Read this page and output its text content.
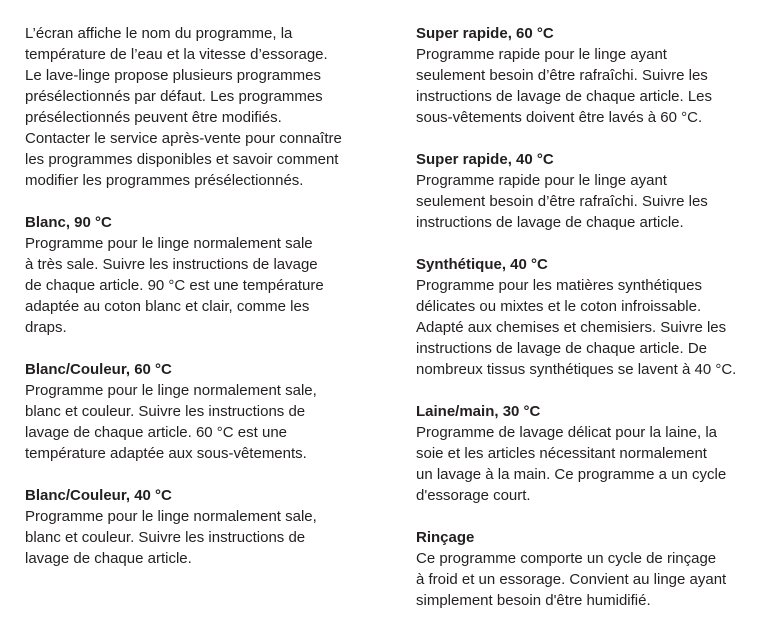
L’écran affiche le nom du programme, la
température de l’eau et la vitesse d’essorage.
Le lave-linge propose plusieurs programmes
présélectionnés par défaut. Les programmes
présélectionnés peuvent être modifiés.
Contacter le service après-vente pour connaître
les programmes disponibles et savoir comment
modifier les programmes présélectionnés.

Blanc, 90 °C
Programme pour le linge normalement sale
à très sale. Suivre les instructions de lavage
de chaque article. 90 °C est une température
adaptée au coton blanc et clair, comme les
draps.
Blanc/Couleur, 60 °C
Programme pour le linge normalement sale,
blanc et couleur. Suivre les instructions de
lavage de chaque article. 60 °C est une
température adaptée aux sous-vêtements.
Blanc/Couleur, 40 °C
Programme pour le linge normalement sale,
blanc et couleur. Suivre les instructions de
lavage de chaque article.
Super rapide, 60 °C
Programme rapide pour le linge ayant
seulement besoin d’être rafraîchi. Suivre les
instructions de lavage de chaque article. Les
sous-vêtements doivent être lavés à 60 °C.
Super rapide, 40 °C
Programme rapide pour le linge ayant
seulement besoin d’être rafraîchi. Suivre les
instructions de lavage de chaque article.
Synthétique, 40 °C
Programme pour les matières synthétiques
délicates ou mixtes et le coton infroissable.
Adapté aux chemises et chemisiers. Suivre les
instructions de lavage de chaque article. De
nombreux tissus synthétiques se lavent à 40 °C.
Laine/main, 30 °C
Programme de lavage délicat pour la laine, la
soie et les articles nécessitant normalement
un lavage à la main. Ce programme a un cycle
d'essorage court.
Rinçage
Ce programme comporte un cycle de rinçage
à froid et un essorage. Convient au linge ayant
simplement besoin d'être humidifié.
